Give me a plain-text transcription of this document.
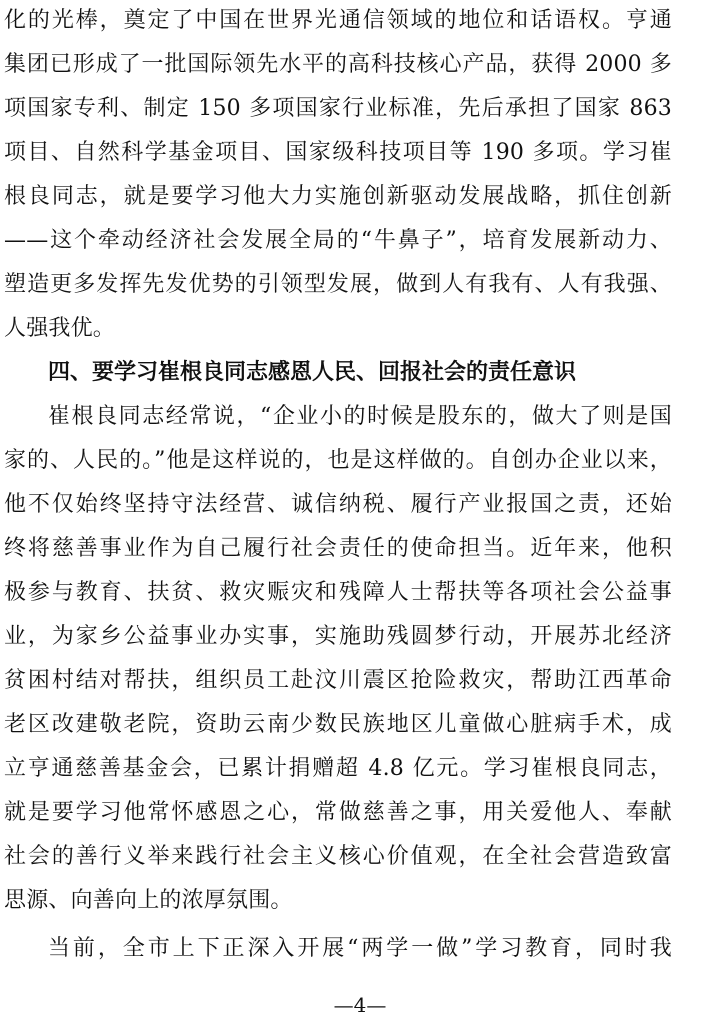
化的光棒，奠定了中国在世界光通信领域的地位和话语权。亨通
集团已形成了一批国际领先水平的高科技核心产品，获得 2000 多
项国家专利、制定 150 多项国家行业标准，先后承担了国家 863
项目、自然科学基金项目、国家级科技项目等 190 多项。学习崔
根良同志，就是要学习他大力实施创新驱动发展战略，抓住创新
——这个牵动经济社会发展全局的“牛鼻子”，培育发展新动力、
塑造更多发挥先发优势的引领型发展，做到人有我有、人有我强、
人强我优。
四、要学习崔根良同志感恩人民、回报社会的责任意识
崔根良同志经常说，“企业小的时候是股东的，做大了则是国
家的、人民的。”他是这样说的，也是这样做的。自创办企业以来，
他不仅始终坚持守法经营、诚信纳税、履行产业报国之责，还始
终将慈善事业作为自己履行社会责任的使命担当。近年来，他积
极参与教育、扶贫、救灾赈灾和残障人士帮扶等各项社会公益事
业，为家乡公益事业办实事，实施助残圆梦行动，开展苏北经济
贫困村结对帮扶，组织员工赴汶川震区抢险救灾，帮助江西革命
老区改建敬老院，资助云南少数民族地区儿童做心脏病手术，成
立亨通慈善基金会，已累计捐赠超 4.8 亿元。学习崔根良同志，
就是要学习他常怀感恩之心，常做慈善之事，用关爱他人、奉献
社会的善行义举来践行社会主义核心价值观，在全社会营造致富
思源、向善向上的浓厚氛围。
当前，全市上下正深入开展“两学一做”学习教育，同时我
—4—
